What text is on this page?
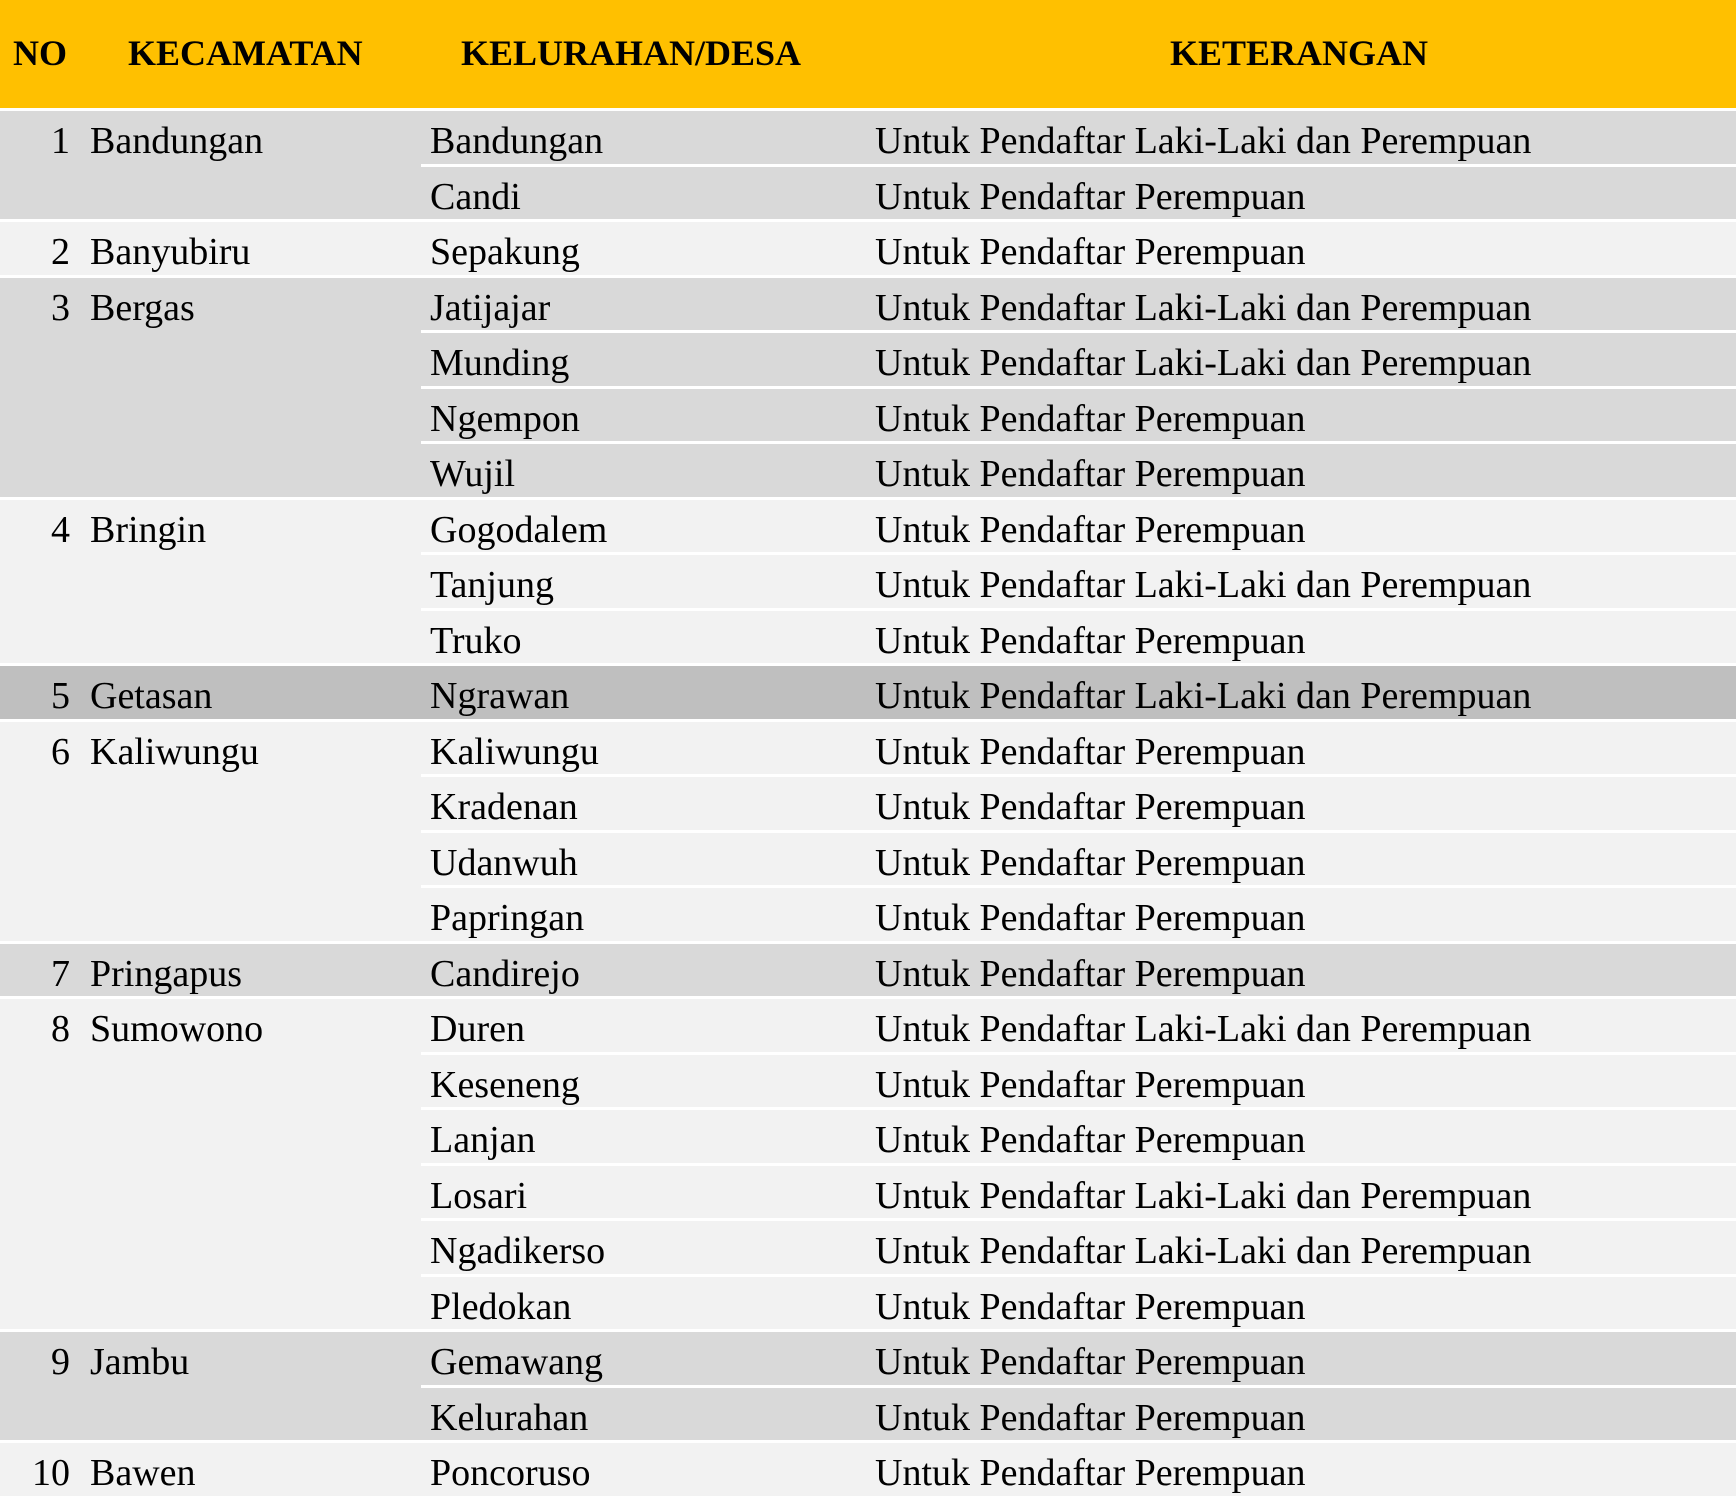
NO KECAMATAN	KELURAHAN/DESA	KETERANGAN
1 Bandungan	Bandungan	Untuk Pendaftar Laki-Laki dan Perempuan
Candi	Untuk Pendaftar Perempuan
2 Banyubiru	Sepakung	Untuk Pendaftar Perempuan
3 Bergas	Jatijajar	Untuk Pendaftar Laki-Laki dan Perempuan
Munding	Untuk Pendaftar Laki-Laki dan Perempuan
Ngempon	Untuk Pendaftar Perempuan
Wujil	Untuk Pendaftar Perempuan
4 Bringin	Gogodalem	Untuk Pendaftar Perempuan
Tanjung	Untuk Pendaftar Laki-Laki dan Perempuan
Truko	Untuk Pendaftar Perempuan
5 Getasan	Ngrawan	Untuk Pendaftar Laki-Laki dan Perempuan
6 Kaliwungu	Kaliwungu	Untuk Pendaftar Perempuan
Kradenan	Untuk Pendaftar Perempuan
Udanwuh	Untuk Pendaftar Perempuan
Papringan	Untuk Pendaftar Perempuan
7 Pringapus	Candirejo	Untuk Pendaftar Perempuan
8 Sumowono	Duren	Untuk Pendaftar Laki-Laki dan Perempuan
Keseneng	Untuk Pendaftar Perempuan
Lanjan	Untuk Pendaftar Perempuan
Losari	Untuk Pendaftar Laki-Laki dan Perempuan
Ngadikerso	Untuk Pendaftar Laki-Laki dan Perempuan
Pledokan	Untuk Pendaftar Perempuan
9 Jambu	Gemawang	Untuk Pendaftar Perempuan
Kelurahan	Untuk Pendaftar Perempuan
10 Bawen	Poncoruso	Untuk Pendaftar Perempuan
